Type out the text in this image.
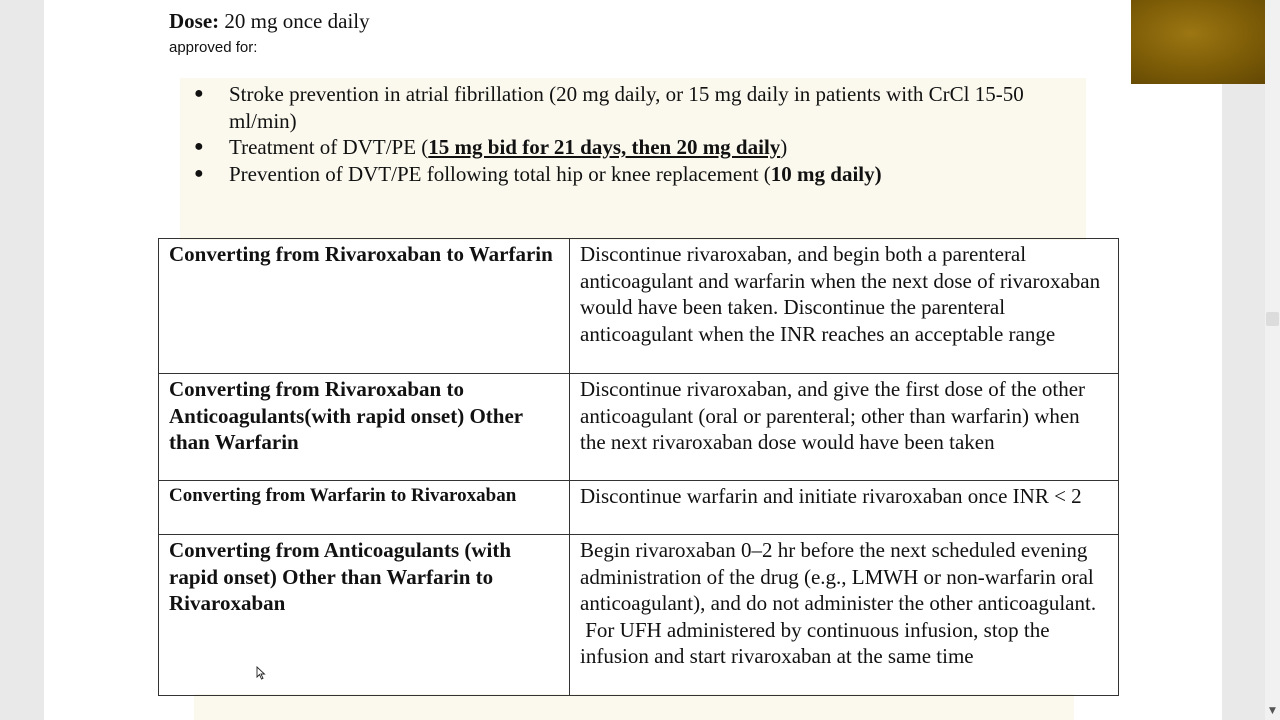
Dose: 20 mg once daily
approved for:
● Stroke prevention in atrial fibrillation (20 mg daily, or 15 mg daily in patients with CrCl 15-50 ml/min)
● Treatment of DVT/PE (15 mg bid for 21 days, then 20 mg daily)
● Prevention of DVT/PE following total hip or knee replacement (10 mg daily)
Converting from Rivaroxaban to Warfarin	Discontinue rivaroxaban, and begin both a parenteral anticoagulant and warfarin when the next dose of rivaroxaban would have been taken. Discontinue the parenteral anticoagulant when the INR reaches an acceptable range
Converting from Rivaroxaban to Anticoagulants(with rapid onset) Other than Warfarin	Discontinue rivaroxaban, and give the first dose of the other anticoagulant (oral or parenteral; other than warfarin) when the next rivaroxaban dose would have been taken
Converting from Warfarin to Rivaroxaban	Discontinue warfarin and initiate rivaroxaban once INR < 2
Converting from Anticoagulants (with rapid onset) Other than Warfarin to Rivaroxaban	Begin rivaroxaban 0–2 hr before the next scheduled evening administration of the drug (e.g., LMWH or non-warfarin oral anticoagulant), and do not administer the other anticoagulant.
For UFH administered by continuous infusion, stop the infusion and start rivaroxaban at the same time
▼
